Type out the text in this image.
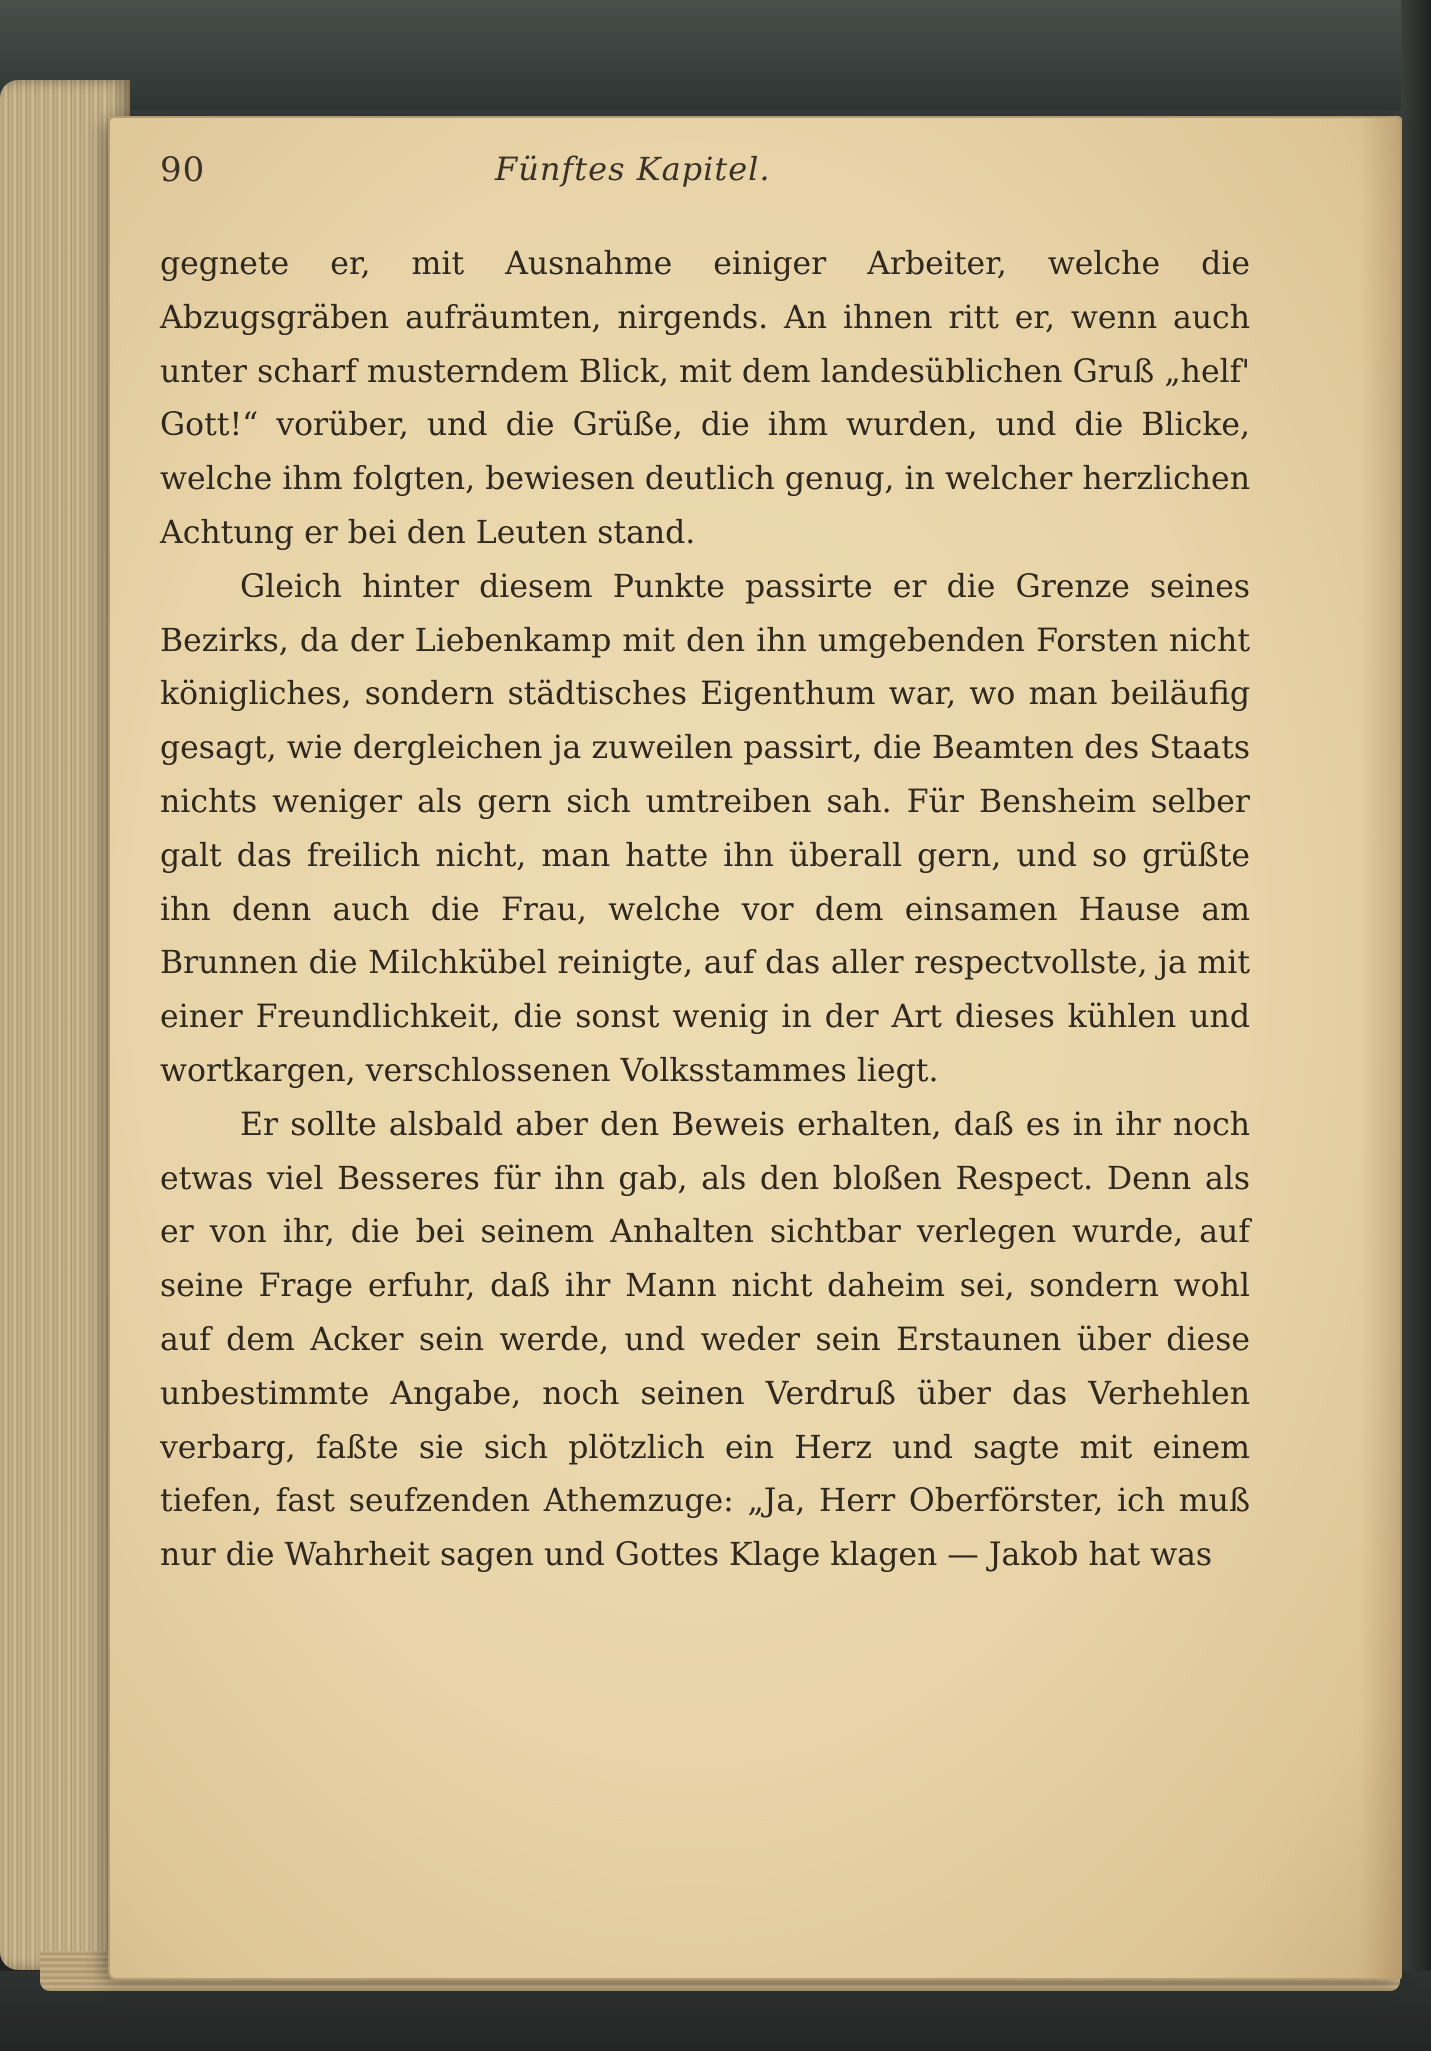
90	Fünftes Kapitel.

gegnete er, mit Ausnahme einiger Arbeiter, welche die Abzugsgräben aufräumten, nirgends. An ihnen ritt er, wenn auch unter scharf musterndem Blick, mit dem landesüblichen Gruß „helf' Gott!“ vorüber, und die Grüße, die ihm wurden, und die Blicke, welche ihm folgten, bewiesen deutlich genug, in welcher herzlichen Achtung er bei den Leuten stand.

Gleich hinter diesem Punkte passirte er die Grenze seines Bezirks, da der Liebenkamp mit den ihn umgebenden Forsten nicht königliches, sondern städtisches Eigenthum war, wo man beiläufig gesagt, wie dergleichen ja zuweilen passirt, die Beamten des Staats nichts weniger als gern sich umtreiben sah. Für Bensheim selber galt das freilich nicht, man hatte ihn überall gern, und so grüßte ihn denn auch die Frau, welche vor dem einsamen Hause am Brunnen die Milchkübel reinigte, auf das aller respectvollste, ja mit einer Freundlichkeit, die sonst wenig in der Art dieses kühlen und wortkargen, verschlossenen Volksstammes liegt.

Er sollte alsbald aber den Beweis erhalten, daß es in ihr noch etwas viel Besseres für ihn gab, als den bloßen Respect. Denn als er von ihr, die bei seinem Anhalten sichtbar verlegen wurde, auf seine Frage erfuhr, daß ihr Mann nicht daheim sei, sondern wohl auf dem Acker sein werde, und weder sein Erstaunen über diese unbestimmte Angabe, noch seinen Verdruß über das Verhehlen verbarg, faßte sie sich plötzlich ein Herz und sagte mit einem tiefen, fast seufzenden Athemzuge: „Ja, Herr Oberförster, ich muß nur die Wahrheit sagen und Gottes Klage klagen — Jakob hat was
